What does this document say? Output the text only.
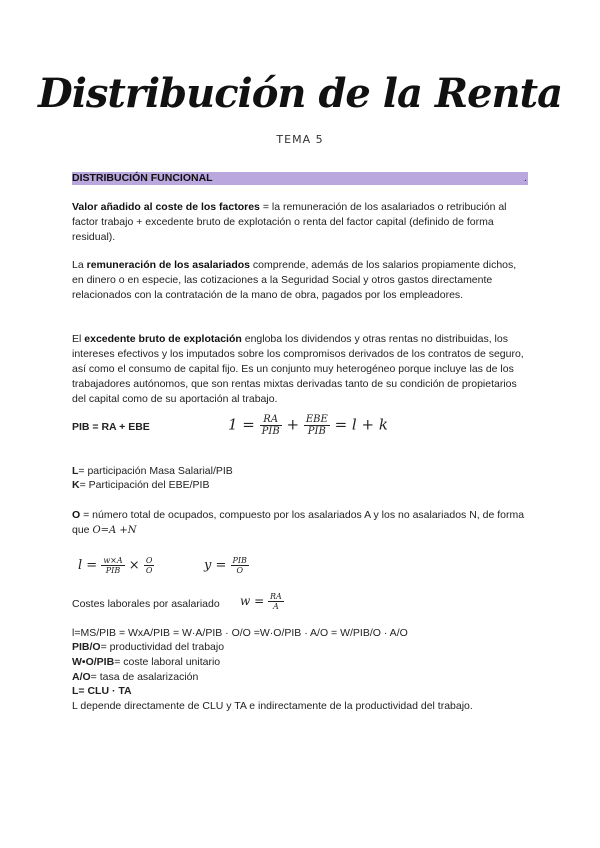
Distribución de la Renta
TEMA 5
DISTRIBUCIÓN FUNCIONAL	.
Valor añadido al coste de los factores = la remuneración de los asalariados o retribución al factor trabajo + excedente bruto de explotación o renta del factor capital (definido de forma residual).
La remuneración de los asalariados comprende, además de los salarios propiamente dichos, en dinero o en especie, las cotizaciones a la Seguridad Social y otros gastos directamente relacionados con la contratación de la mano de obra, pagados por los empleadores.
El excedente bruto de explotación engloba los dividendos y otras rentas no distribuidas, los intereses efectivos y los imputados sobre los compromisos derivados de los contratos de seguro, así como el consumo de capital fijo. Es un conjunto muy heterogéneo porque incluye las de los trabajadores autónomos, que son rentas mixtas derivadas tanto de su condición de propietarios del capital como de su aportación al trabajo.
PIB = RA + EBE	$1 = \frac{RA}{\text{PIB}} + \frac{\text{EBE}}{\text{PIB}} = l + k$
L= participación Masa Salarial/PIB
K= Participación del EBE/PIB
O = número total de ocupados, compuesto por los asalariados A y los no asalariados N, de forma que O=A +N
$l = \frac{w\times A}{\text{PIB}} \times \frac{O}{O}$	$y = \frac{\text{PIB}}{O}$
Costes laborales por asalariado $w = \frac{RA}{A}$
l=MS/PIB = WxA/PIB = W·A/PIB · O/O =W·O/PIB · A/O = W/PIB/O · A/O
PIB/O= productividad del trabajo
W•O/PIB= coste laboral unitario
A/O= tasa de asalarización
L= CLU · TA
L depende directamente de CLU y TA e indirectamente de la productividad del trabajo.
